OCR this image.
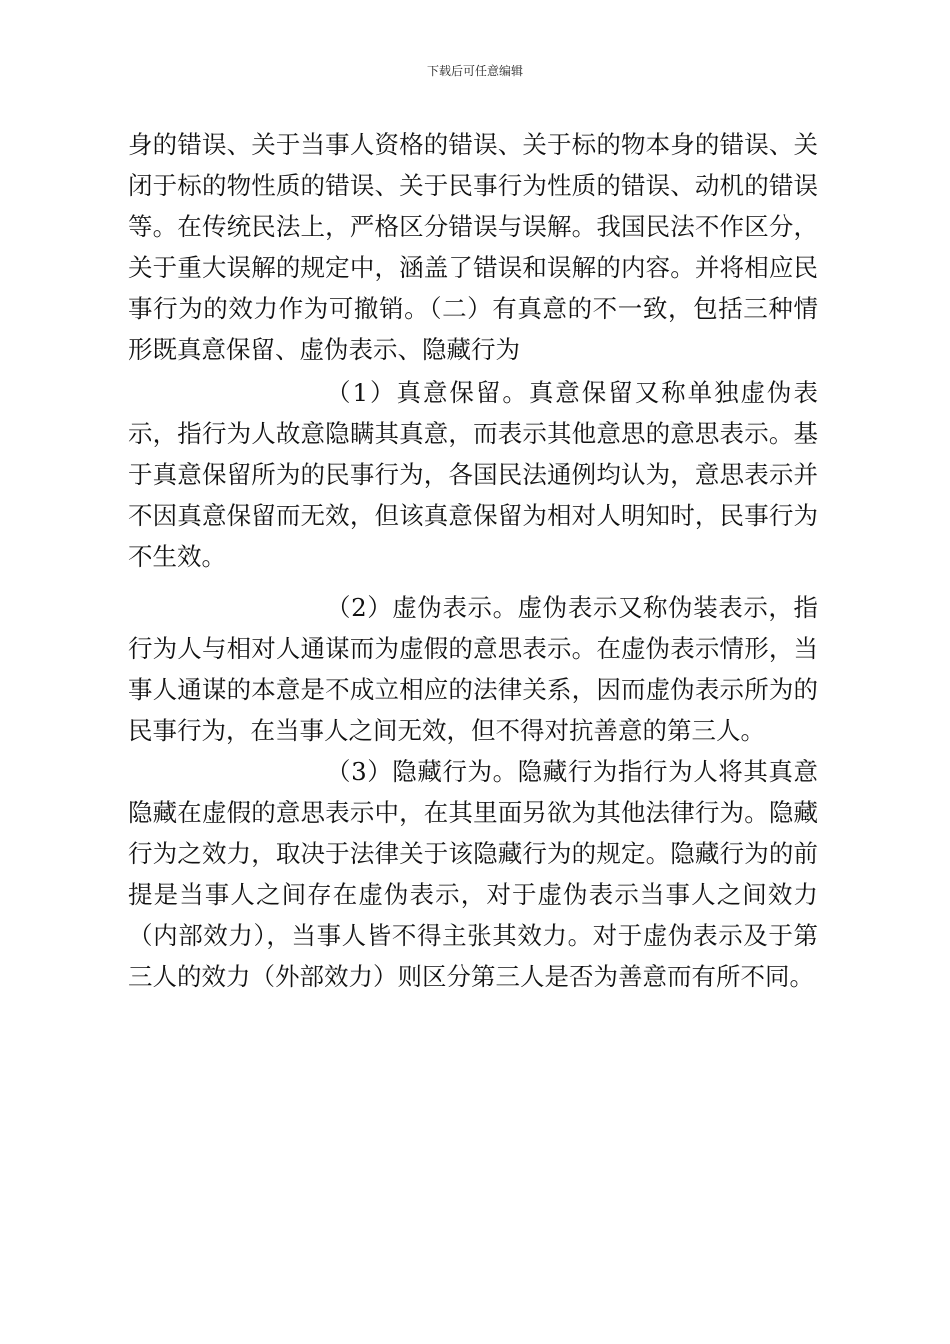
下载后可任意编辑

身的错误、关于当事人资格的错误、关于标的物本身的错误、关闭于标的物性质的错误、关于民事行为性质的错误、动机的错误等。在传统民法上，严格区分错误与误解。我国民法不作区分，关于重大误解的规定中，涵盖了错误和误解的内容。并将相应民事行为的效力作为可撤销。（二）有真意的不一致，包括三种情形既真意保留、虚伪表示、隐藏行为

（1）真意保留。真意保留又称单独虚伪表示，指行为人故意隐瞒其真意，而表示其他意思的意思表示。基于真意保留所为的民事行为，各国民法通例均认为，意思表示并不因真意保留而无效，但该真意保留为相对人明知时，民事行为不生效。

（2）虚伪表示。虚伪表示又称伪装表示，指行为人与相对人通谋而为虚假的意思表示。在虚伪表示情形，当事人通谋的本意是不成立相应的法律关系，因而虚伪表示所为的民事行为，在当事人之间无效，但不得对抗善意的第三人。

（3）隐藏行为。隐藏行为指行为人将其真意隐藏在虚假的意思表示中，在其里面另欲为其他法律行为。隐藏行为之效力，取决于法律关于该隐藏行为的规定。隐藏行为的前提是当事人之间存在虚伪表示，对于虚伪表示当事人之间效力（内部效力），当事人皆不得主张其效力。对于虚伪表示及于第三人的效力（外部效力）则区分第三人是否为善意而有所不同。
